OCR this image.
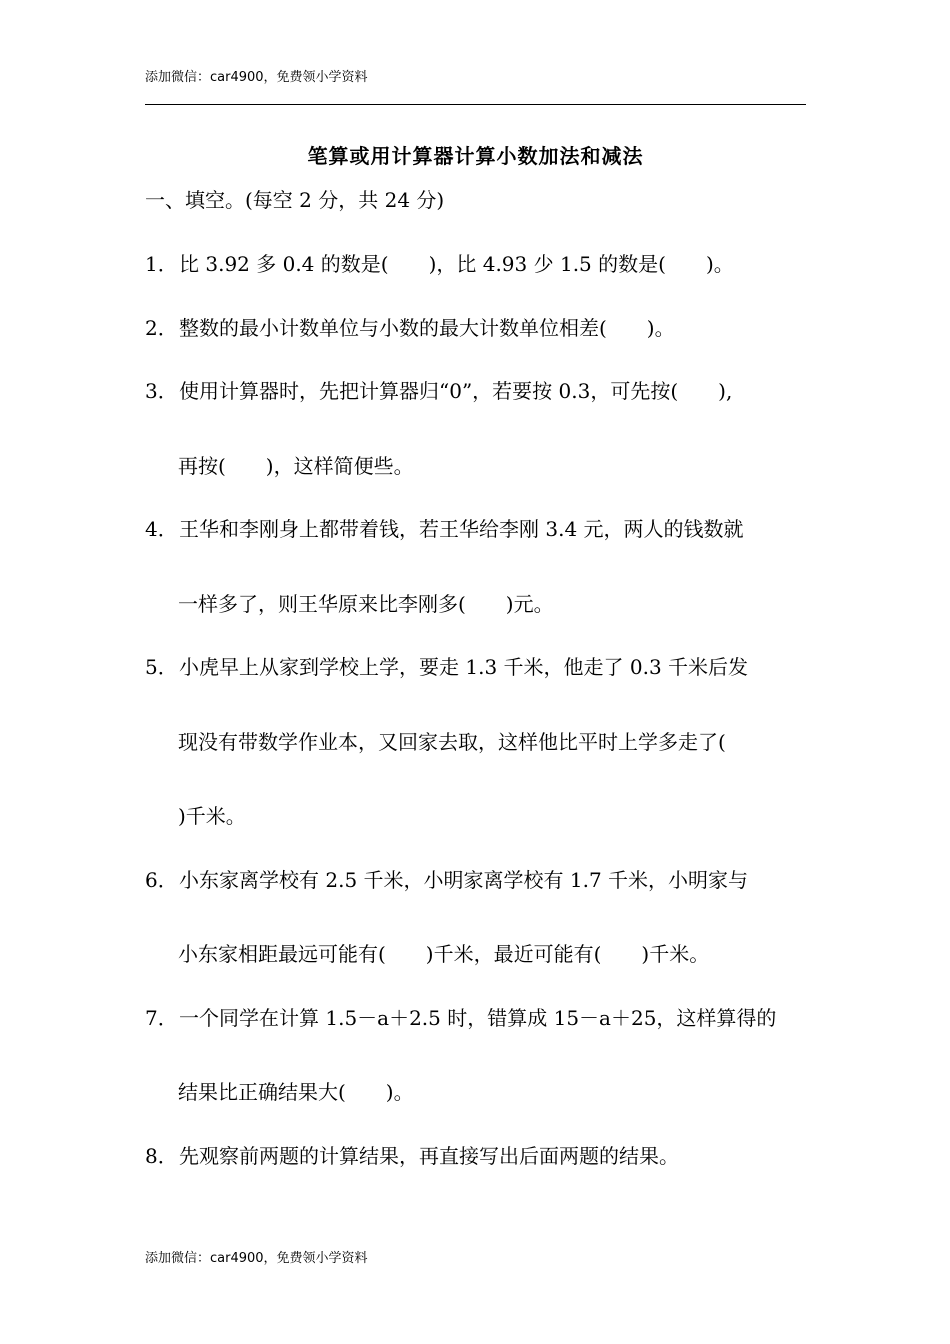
添加微信：car4900，免费领小学资料
笔算或用计算器计算小数加法和减法
一、填空。(每空 2 分，共 24 分)
1．比 3.92 多 0.4 的数是(　　)，比 4.93 少 1.5 的数是(　　)。
2．整数的最小计数单位与小数的最大计数单位相差(　　)。
3．使用计算器时，先把计算器归“0”，若要按 0.3，可先按(　　),
再按(　　)，这样简便些。
4．王华和李刚身上都带着钱，若王华给李刚 3.4 元，两人的钱数就
一样多了，则王华原来比李刚多(　　)元。
5．小虎早上从家到学校上学，要走 1.3 千米，他走了 0.3 千米后发
现没有带数学作业本，又回家去取，这样他比平时上学多走了(
)千米。
6．小东家离学校有 2.5 千米，小明家离学校有 1.7 千米，小明家与
小东家相距最远可能有(　　)千米，最近可能有(　　)千米。
7．一个同学在计算 1.5－a＋2.5 时，错算成 15－a＋25，这样算得的
结果比正确结果大(　　)。
8．先观察前两题的计算结果，再直接写出后面两题的结果。
添加微信：car4900，免费领小学资料
